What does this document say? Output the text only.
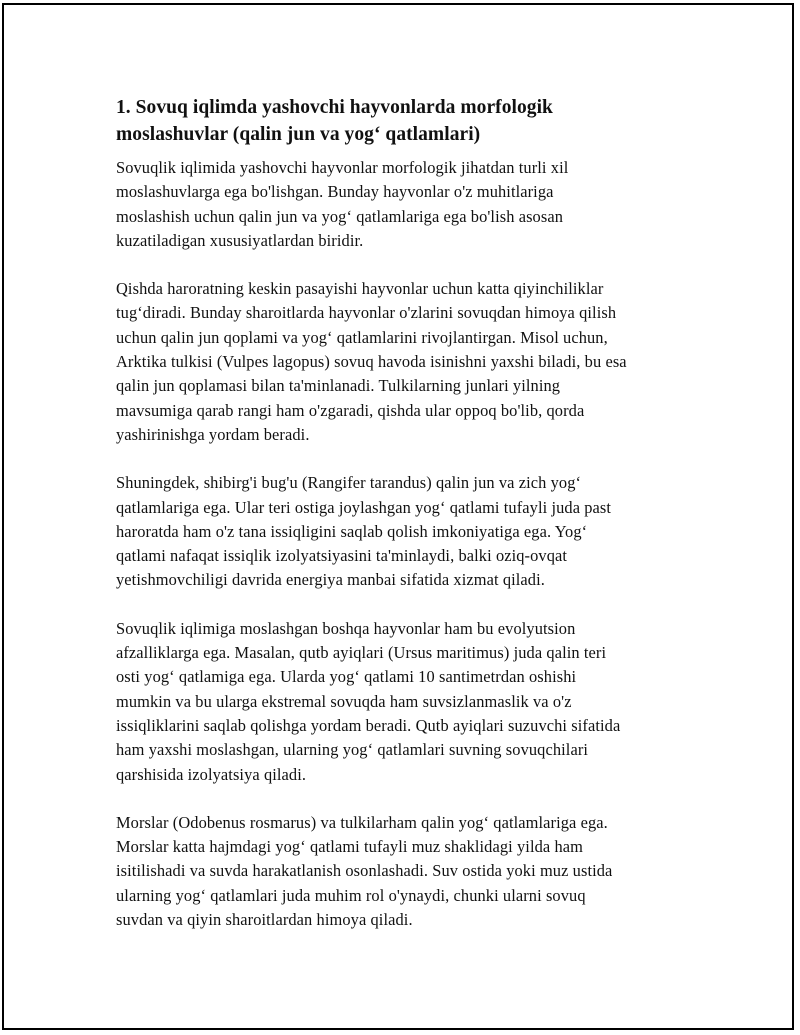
1. Sovuq iqlimda yashovchi hayvonlarda morfologik
moslashuvlar (qalin jun va yog‘ qatlamlari)

Sovuqlik iqlimida yashovchi hayvonlar morfologik jihatdan turli xil
moslashuvlarga ega bo'lishgan. Bunday hayvonlar o'z muhitlariga
moslashish uchun qalin jun va yog‘ qatlamlariga ega bo'lish asosan
kuzatiladigan xususiyatlardan biridir.

Qishda haroratning keskin pasayishi hayvonlar uchun katta qiyinchiliklar
tug‘diradi. Bunday sharoitlarda hayvonlar o'zlarini sovuqdan himoya qilish
uchun qalin jun qoplami va yog‘ qatlamlarini rivojlantirgan. Misol uchun,
Arktika tulkisi (Vulpes lagopus) sovuq havoda isinishni yaxshi biladi, bu esa
qalin jun qoplamasi bilan ta'minlanadi. Tulkilarning junlari yilning
mavsumiga qarab rangi ham o'zgaradi, qishda ular oppoq bo'lib, qorda
yashirinishga yordam beradi.

Shuningdek, shibirg'i bug'u (Rangifer tarandus) qalin jun va zich yog‘
qatlamlariga ega. Ular teri ostiga joylashgan yog‘ qatlami tufayli juda past
haroratda ham o'z tana issiqligini saqlab qolish imkoniyatiga ega. Yog‘
qatlami nafaqat issiqlik izolyatsiyasini ta'minlaydi, balki oziq-ovqat
yetishmovchiligi davrida energiya manbai sifatida xizmat qiladi.

Sovuqlik iqlimiga moslashgan boshqa hayvonlar ham bu evolyutsion
afzalliklarga ega. Masalan, qutb ayiqlari (Ursus maritimus) juda qalin teri
osti yog‘ qatlamiga ega. Ularda yog‘ qatlami 10 santimetrdan oshishi
mumkin va bu ularga ekstremal sovuqda ham suvsizlanmaslik va o'z
issiqliklarini saqlab qolishga yordam beradi. Qutb ayiqlari suzuvchi sifatida
ham yaxshi moslashgan, ularning yog‘ qatlamlari suvning sovuqchilari
qarshisida izolyatsiya qiladi.

Morslar (Odobenus rosmarus) va tulkilarham qalin yog‘ qatlamlariga ega.
Morslar katta hajmdagi yog‘ qatlami tufayli muz shaklidagi yilda ham
isitilishadi va suvda harakatlanish osonlashadi. Suv ostida yoki muz ustida
ularning yog‘ qatlamlari juda muhim rol o'ynaydi, chunki ularni sovuq
suvdan va qiyin sharoitlardan himoya qiladi.
